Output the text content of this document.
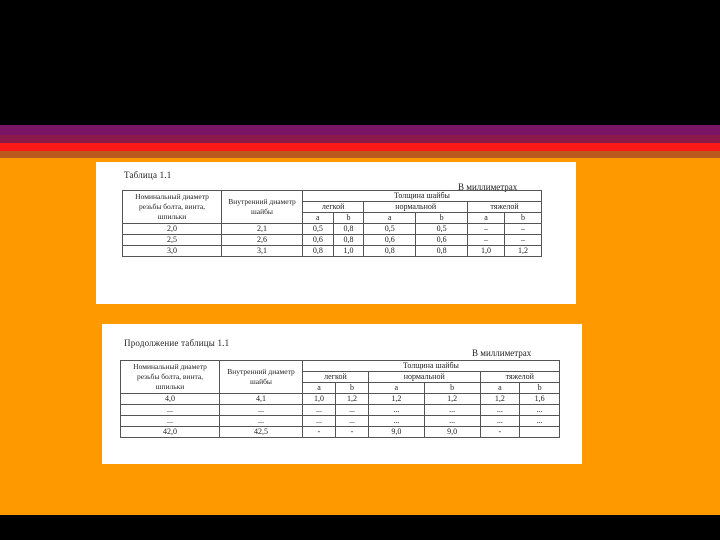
Таблица 1.1
В миллиметрах
Номинальный диаметр резьбы болта, винта, шпильки	Внутренний диаметр шайбы	Толщина шайбы					
		легкой		нормальной		тяжелой	
		a	b	a	b	a	b
2,0	2,1	0,5	0,8	0,5	0,5	–	–
2,5	2,6	0,6	0,8	0,6	0,6	–	–
3,0	3,1	0,8	1,0	0,8	0,8	1,0	1,2
Продолжение таблицы 1.1
В миллиметрах
Номинальный диаметр резьбы болта, винта, шпильки	Внутренний диаметр шайбы	Толщина шайбы					
		легкой		нормальной		тяжелой	
		a	b	a	b	a	b
4,0	4,1	1,0	1,2	1,2	1,2	1,2	1,6
...	...	...	...	...	...	...	...
...	...	...	...	...	...	...	...
42,0	42,5	-	-	9,0	9,0	-	
